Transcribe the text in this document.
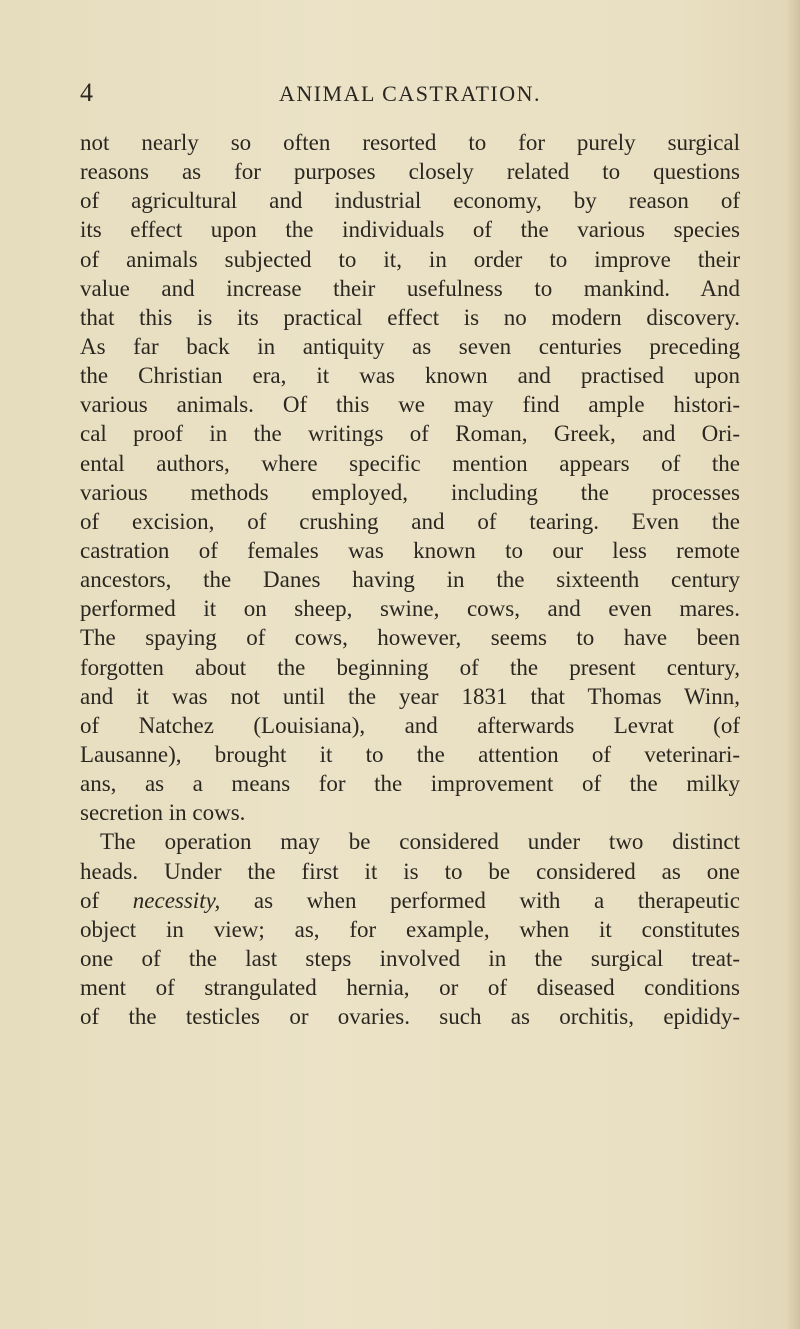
4	ANIMAL CASTRATION.
not nearly so often resorted to for purely surgical
reasons as for purposes closely related to questions
of agricultural and industrial economy, by reason of
its effect upon the individuals of the various species
of animals subjected to it, in order to improve their
value and increase their usefulness to mankind. And
that this is its practical effect is no modern discovery.
As far back in antiquity as seven centuries preceding
the Christian era, it was known and practised upon
various animals. Of this we may find ample histori-
cal proof in the writings of Roman, Greek, and Ori-
ental authors, where specific mention appears of the
various methods employed, including the processes
of excision, of crushing and of tearing. Even the
castration of females was known to our less remote
ancestors, the Danes having in the sixteenth century
performed it on sheep, swine, cows, and even mares.
The spaying of cows, however, seems to have been
forgotten about the beginning of the present century,
and it was not until the year 1831 that Thomas Winn,
of Natchez (Louisiana), and afterwards Levrat (of
Lausanne), brought it to the attention of veterinari-
ans, as a means for the improvement of the milky
secretion in cows.
The operation may be considered under two distinct
heads. Under the first it is to be considered as one
of necessity, as when performed with a therapeutic
object in view; as, for example, when it constitutes
one of the last steps involved in the surgical treat-
ment of strangulated hernia, or of diseased conditions
of the testicles or ovaries. such as orchitis, epididy-
